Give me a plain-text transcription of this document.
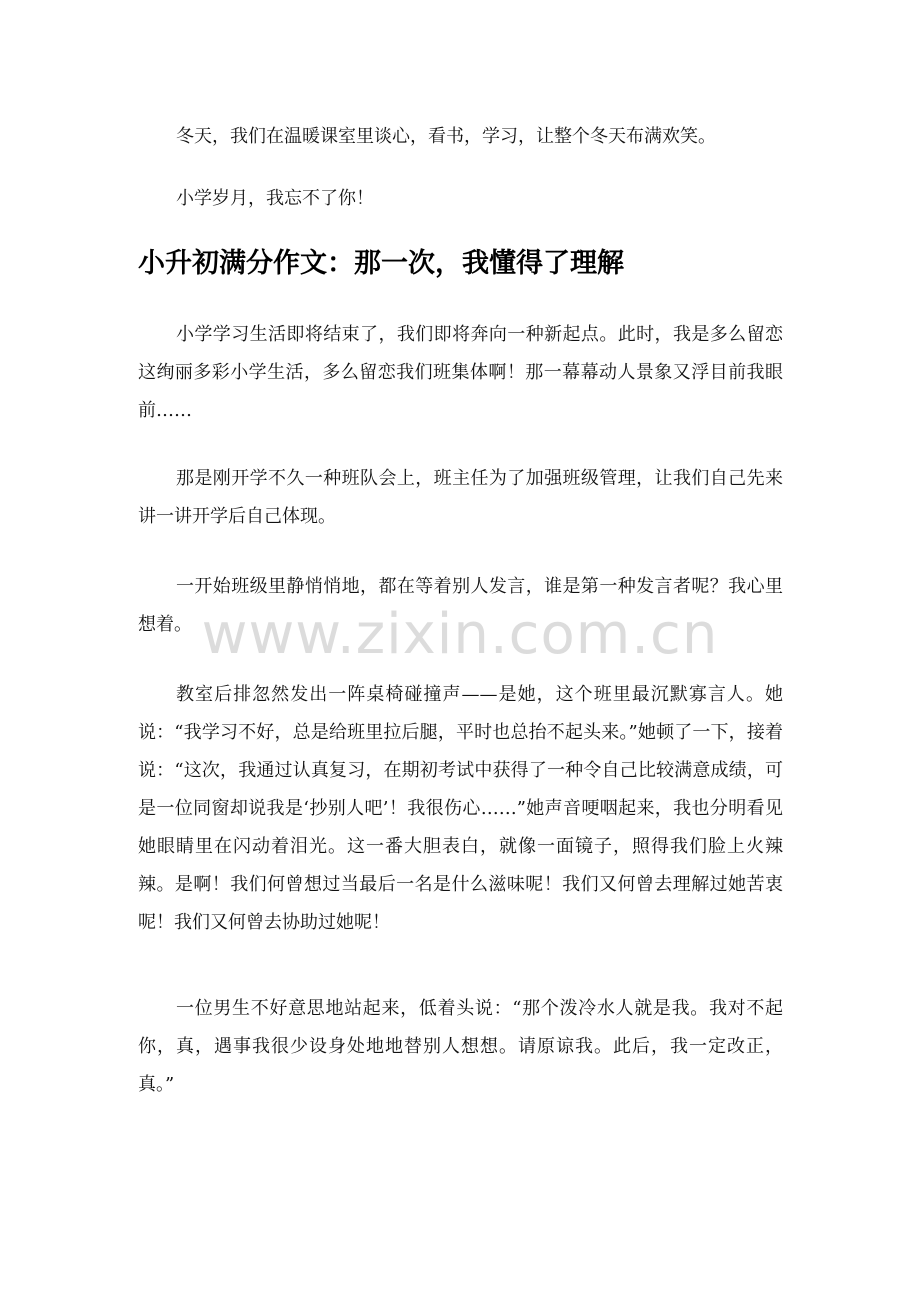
冬天，我们在温暖课室里谈心，看书，学习，让整个冬天布满欢笑。

小学岁月，我忘不了你！

小升初满分作文：那一次，我懂得了理解

小学学习生活即将结束了，我们即将奔向一种新起点。此时，我是多么留恋这绚丽多彩小学生活，多么留恋我们班集体啊！那一幕幕动人景象又浮目前我眼前……

那是刚开学不久一种班队会上，班主任为了加强班级管理，让我们自己先来讲一讲开学后自己体现。

一开始班级里静悄悄地，都在等着别人发言，谁是第一种发言者呢？我心里想着。

教室后排忽然发出一阵桌椅碰撞声——是她，这个班里最沉默寡言人。她说：“我学习不好，总是给班里拉后腿，平时也总抬不起头来。”她顿了一下，接着说：“这次，我通过认真复习，在期初考试中获得了一种令自己比较满意成绩，可是一位同窗却说我是‘抄别人吧’！我很伤心……”她声音哽咽起来，我也分明看见她眼睛里在闪动着泪光。这一番大胆表白，就像一面镜子，照得我们脸上火辣辣。是啊！我们何曾想过当最后一名是什么滋味呢！我们又何曾去理解过她苦衷呢！我们又何曾去协助过她呢！

一位男生不好意思地站起来，低着头说：“那个泼冷水人就是我。我对不起你，真，遇事我很少设身处地地替别人想想。请原谅我。此后，我一定改正，真。”

www.zixin.com.cn
